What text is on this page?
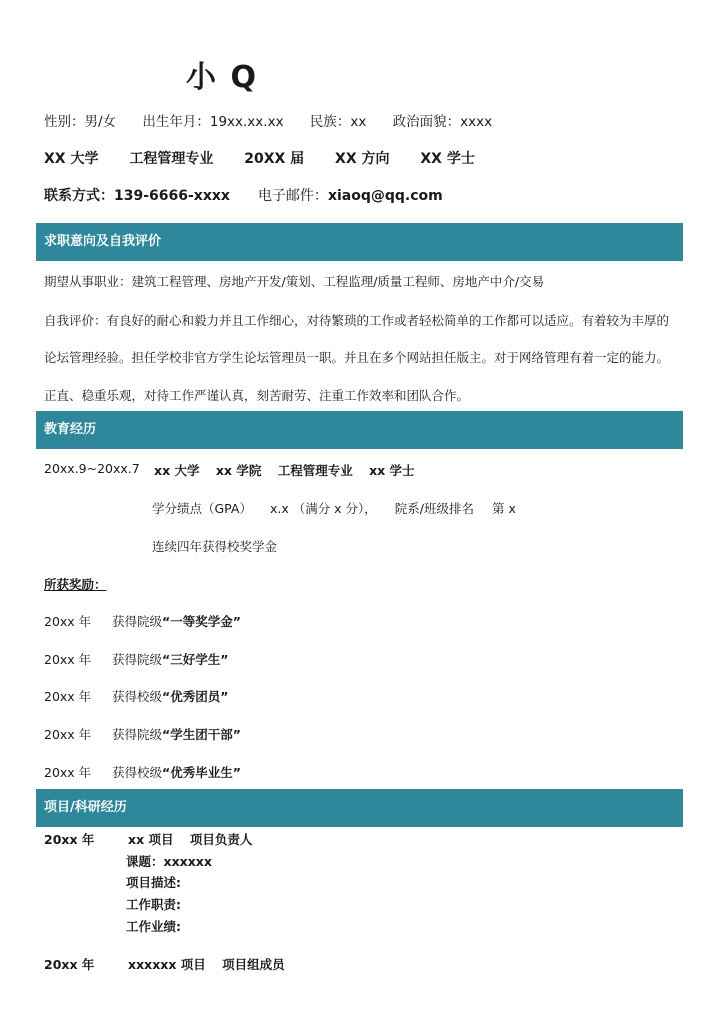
小 Q
性别：男/女 出生年月：19xx.xx.xx 民族：xx 政治面貌：xxxx
XX 大学 工程管理专业 20XX 届 XX 方向 XX 学士
联系方式：139-6666-xxxx 电子邮件：xiaoq@qq.com
求职意向及自我评价
期望从事职业：建筑工程管理、房地产开发/策划、工程监理/质量工程师、房地产中介/交易
自我评价：有良好的耐心和毅力并且工作细心，对待繁琐的工作或者轻松简单的工作都可以适应。有着较为丰厚的
论坛管理经验。担任学校非官方学生论坛管理员一职。并且在多个网站担任版主。对于网络管理有着一定的能力。
正直、稳重乐观，对待工作严谨认真，刻苦耐劳、注重工作效率和团队合作。
教育经历
20xx.9~20xx.7 xx 大学 xx 学院 工程管理专业 xx 学士
学分绩点（GPA） x.x （满分 x 分）， 院系/班级排名 第 x
连续四年获得校奖学金
所获奖励：
20xx 年 获得院级“一等奖学金”
20xx 年 获得院级“三好学生”
20xx 年 获得校级“优秀团员”
20xx 年 获得院级“学生团干部”
20xx 年 获得校级“优秀毕业生”
项目/科研经历
20xx 年	xx 项目 项目负责人
课题：xxxxxx
项目描述:
工作职责:
工作业绩:
20xx 年	xxxxxx 项目 项目组成员
